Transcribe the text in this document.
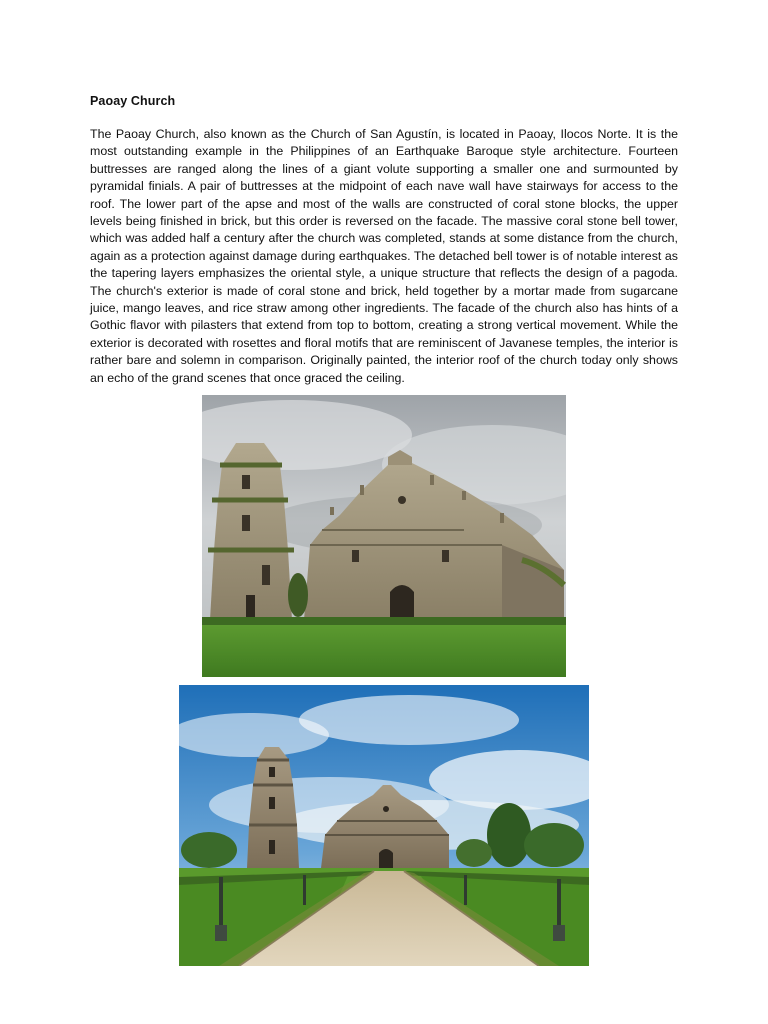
Paoay Church

The Paoay Church, also known as the Church of San Agustín, is located in Paoay, Ilocos Norte. It is the most outstanding example in the Philippines of an Earthquake Baroque style architecture. Fourteen buttresses are ranged along the lines of a giant volute supporting a smaller one and surmounted by pyramidal finials. A pair of buttresses at the midpoint of each nave wall have stairways for access to the roof. The lower part of the apse and most of the walls are constructed of coral stone blocks, the upper levels being finished in brick, but this order is reversed on the facade. The massive coral stone bell tower, which was added half a century after the church was completed, stands at some distance from the church, again as a protection against damage during earthquakes. The detached bell tower is of notable interest as the tapering layers emphasizes the oriental style, a unique structure that reflects the design of a pagoda. The church's exterior is made of coral stone and brick, held together by a mortar made from sugarcane juice, mango leaves, and rice straw among other ingredients. The facade of the church also has hints of a Gothic flavor with pilasters that extend from top to bottom, creating a strong vertical movement. While the exterior is decorated with rosettes and floral motifs that are reminiscent of Javanese temples, the interior is rather bare and solemn in comparison. Originally painted, the interior roof of the church today only shows an echo of the grand scenes that once graced the ceiling.
